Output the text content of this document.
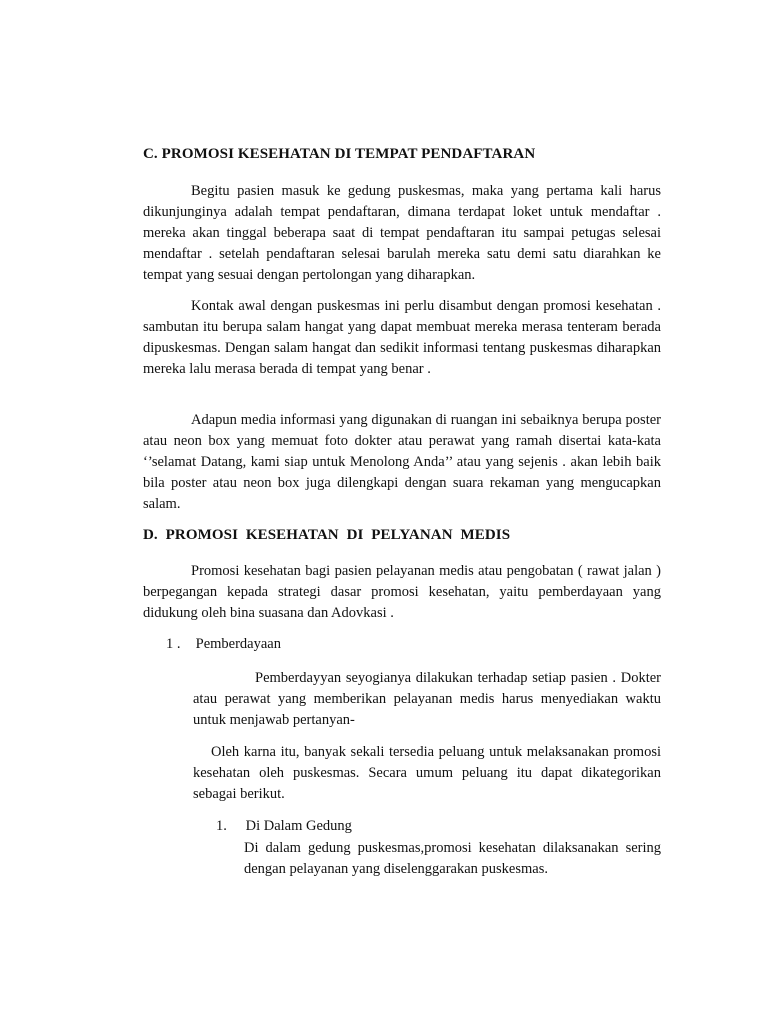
C. PROMOSI KESEHATAN DI TEMPAT PENDAFTARAN

Begitu pasien masuk ke gedung puskesmas, maka yang pertama kali harus dikunjunginya adalah tempat pendaftaran, dimana terdapat loket untuk mendaftar . mereka akan tinggal beberapa saat di tempat pendaftaran itu sampai petugas selesai mendaftar . setelah pendaftaran selesai barulah mereka satu demi satu diarahkan ke tempat yang sesuai dengan pertolongan yang diharapkan.

Kontak awal dengan puskesmas ini perlu disambut dengan promosi kesehatan . sambutan itu berupa salam hangat yang dapat membuat mereka merasa tenteram berada dipuskesmas. Dengan salam hangat dan sedikit informasi tentang puskesmas diharapkan mereka lalu merasa berada di tempat yang benar .

Adapun media informasi yang digunakan di ruangan ini sebaiknya berupa poster atau neon box yang memuat foto dokter atau perawat yang ramah disertai kata-kata ‘’selamat Datang, kami siap untuk Menolong Anda’’ atau yang sejenis . akan lebih baik bila poster atau neon box juga dilengkapi dengan suara rekaman yang mengucapkan salam.

D. PROMOSI KESEHATAN DI PELYANAN MEDIS

Promosi kesehatan bagi pasien pelayanan medis atau pengobatan ( rawat jalan ) berpegangan kepada strategi dasar promosi kesehatan, yaitu pemberdayaan yang didukung oleh bina suasana dan Adovkasi .

1 . Pemberdayaan

Pemberdayyan seyogianya dilakukan terhadap setiap pasien . Dokter atau perawat yang memberikan pelayanan medis harus menyediakan waktu untuk menjawab pertanyan-

Oleh karna itu, banyak sekali tersedia peluang untuk melaksanakan promosi kesehatan oleh puskesmas. Secara umum peluang itu dapat dikategorikan sebagai berikut.

1. Di Dalam Gedung

Di dalam gedung puskesmas,promosi kesehatan dilaksanakan sering dengan pelayanan yang diselenggarakan puskesmas.
